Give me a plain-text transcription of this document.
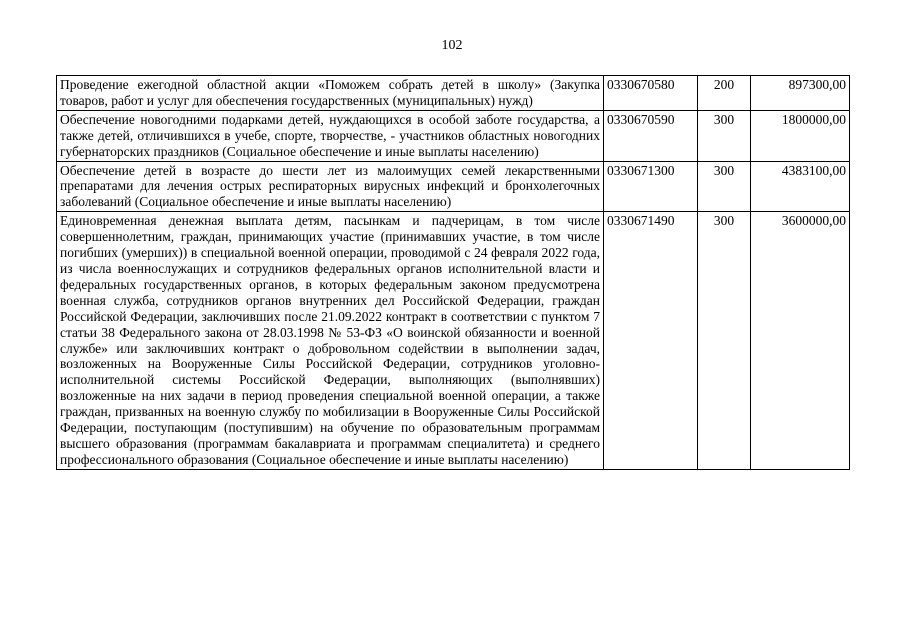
102
Проведение ежегодной областной акции «Поможем собрать детей в школу» (Закупка товаров, работ и услуг для обеспечения государственных (муниципальных) нужд)	0330670580	200	897300,00
Обеспечение новогодними подарками детей, нуждающихся в особой заботе государства, а также детей, отличившихся в учебе, спорте, творчестве, - участников областных новогодних губернаторских праздников (Социальное обеспечение и иные выплаты населению)	0330670590	300	1800000,00
Обеспечение детей в возрасте до шести лет из малоимущих семей лекарственными препаратами для лечения острых респираторных вирусных инфекций и бронхолегочных заболеваний (Социальное обеспечение и иные выплаты населению)	0330671300	300	4383100,00
Единовременная денежная выплата детям, пасынкам и падчерицам, в том числе совершеннолетним, граждан, принимающих участие (принимавших участие, в том числе погибших (умерших)) в специальной военной операции, проводимой с 24 февраля 2022 года, из числа военнослужащих и сотрудников федеральных органов исполнительной власти и федеральных государственных органов, в которых федеральным законом предусмотрена военная служба, сотрудников органов внутренних дел Российской Федерации, граждан Российской Федерации, заключивших после 21.09.2022 контракт в соответствии с пунктом 7 статьи 38 Федерального закона от 28.03.1998 № 53-ФЗ «О воинской обязанности и военной службе» или заключивших контракт о добровольном содействии в выполнении задач, возложенных на Вооруженные Силы Российской Федерации, сотрудников уголовно-исполнительной системы Российской Федерации, выполняющих (выполнявших) возложенные на них задачи в период проведения специальной военной операции, а также граждан, призванных на военную службу по мобилизации в Вооруженные Силы Российской Федерации, поступающим (поступившим) на обучение по образовательным программам высшего образования (программам бакалавриата и программам специалитета) и среднего профессионального образования (Социальное обеспечение и иные выплаты населению)	0330671490	300	3600000,00
